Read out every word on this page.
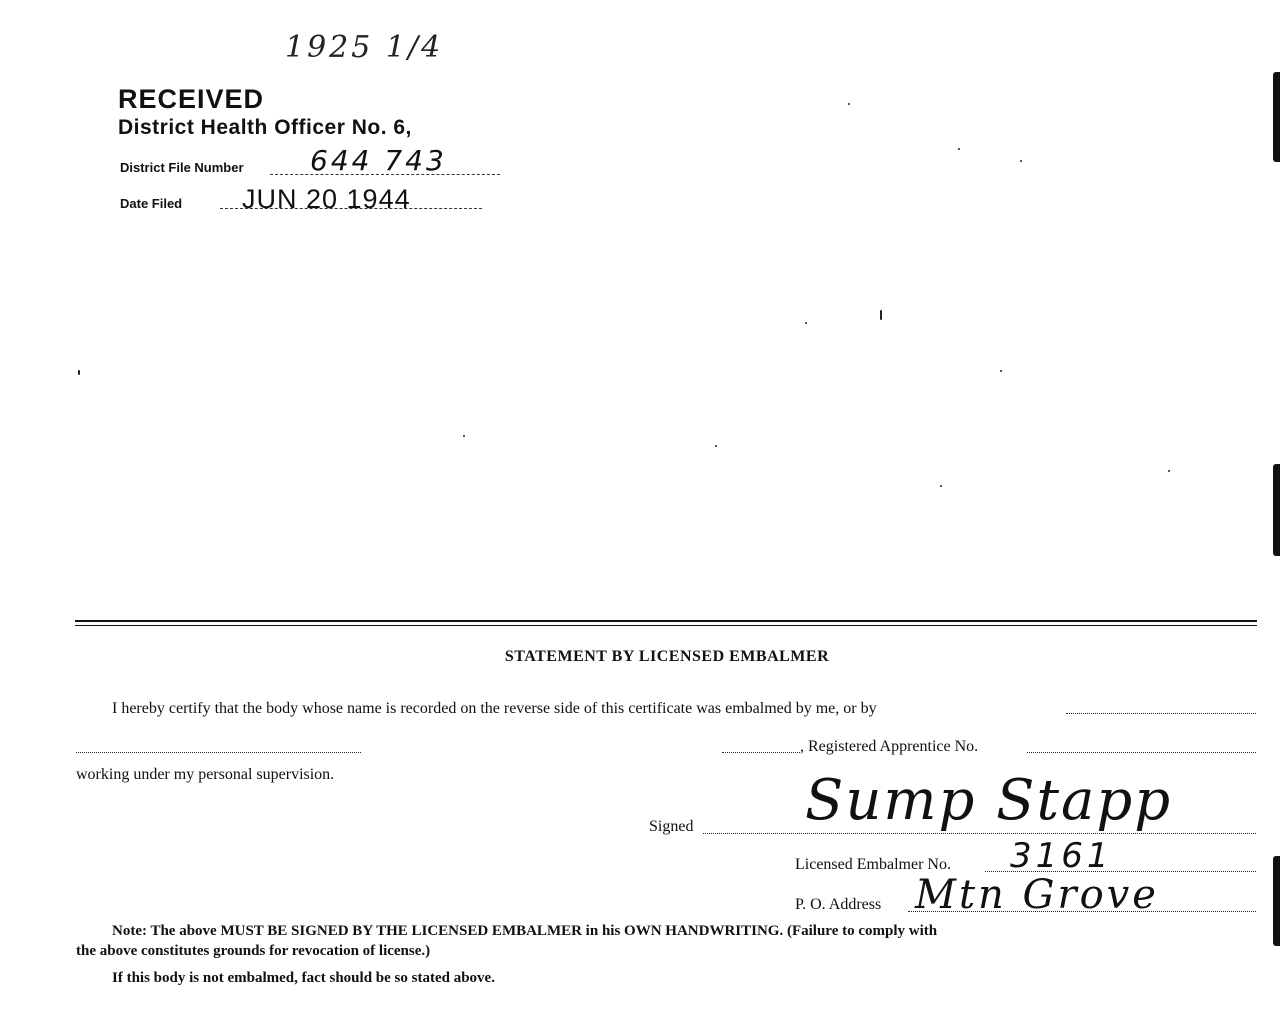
1925 1/4
RECEIVED
District Health Officer No. 6,
District File Number 644 743
Date Filed JUN 20 1944
STATEMENT BY LICENSED EMBALMER
I hereby certify that the body whose name is recorded on the reverse side of this certificate was embalmed by me, or by
, Registered Apprentice No.
working under my personal supervision.
Signed Sump Stapp
Licensed Embalmer No. 3161
P. O. Address Mtn Grove
Note: The above MUST BE SIGNED BY THE LICENSED EMBALMER in his OWN HANDWRITING. (Failure to comply with
the above constitutes grounds for revocation of license.)
If this body is not embalmed, fact should be so stated above.
